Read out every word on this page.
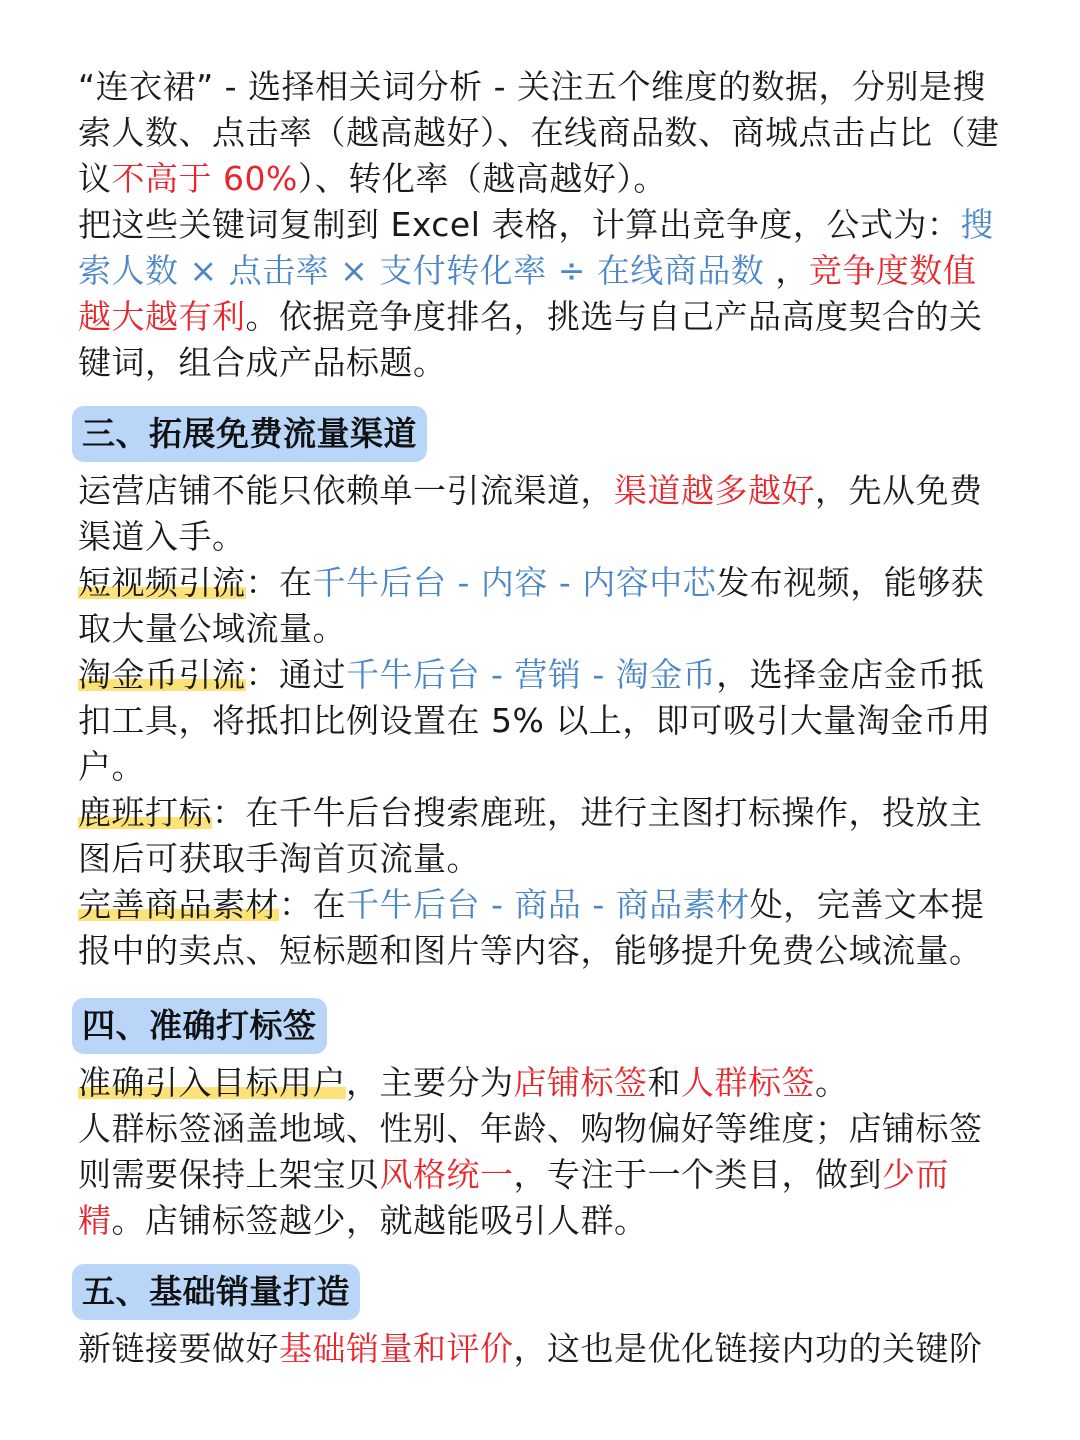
“连衣裙” - 选择相关词分析 - 关注五个维度的数据，分别是搜索人数、点击率（越高越好）、在线商品数、商城点击占比（建议不高于 60%）、转化率（越高越好）。
把这些关键词复制到 Excel 表格，计算出竞争度，公式为：搜索人数 × 点击率 × 支付转化率 ÷ 在线商品数 ，竞争度数值越大越有利。依据竞争度排名，挑选与自己产品高度契合的关键词，组合成产品标题。
三、拓展免费流量渠道
运营店铺不能只依赖单一引流渠道，渠道越多越好，先从免费渠道入手。
短视频引流：在千牛后台 - 内容 - 内容中芯发布视频，能够获取大量公域流量。
淘金币引流：通过千牛后台 - 营销 - 淘金币，选择金店金币抵扣工具，将抵扣比例设置在 5% 以上，即可吸引大量淘金币用户。
鹿班打标：在千牛后台搜索鹿班，进行主图打标操作，投放主图后可获取手淘首页流量。
完善商品素材：在千牛后台 - 商品 - 商品素材处，完善文本提报中的卖点、短标题和图片等内容，能够提升免费公域流量。
四、准确打标签
准确引入目标用户，主要分为店铺标签和人群标签。
人群标签涵盖地域、性别、年龄、购物偏好等维度；店铺标签则需要保持上架宝贝风格统一，专注于一个类目，做到少而精。店铺标签越少，就越能吸引人群。
五、基础销量打造
新链接要做好基础销量和评价，这也是优化链接内功的关键阶
